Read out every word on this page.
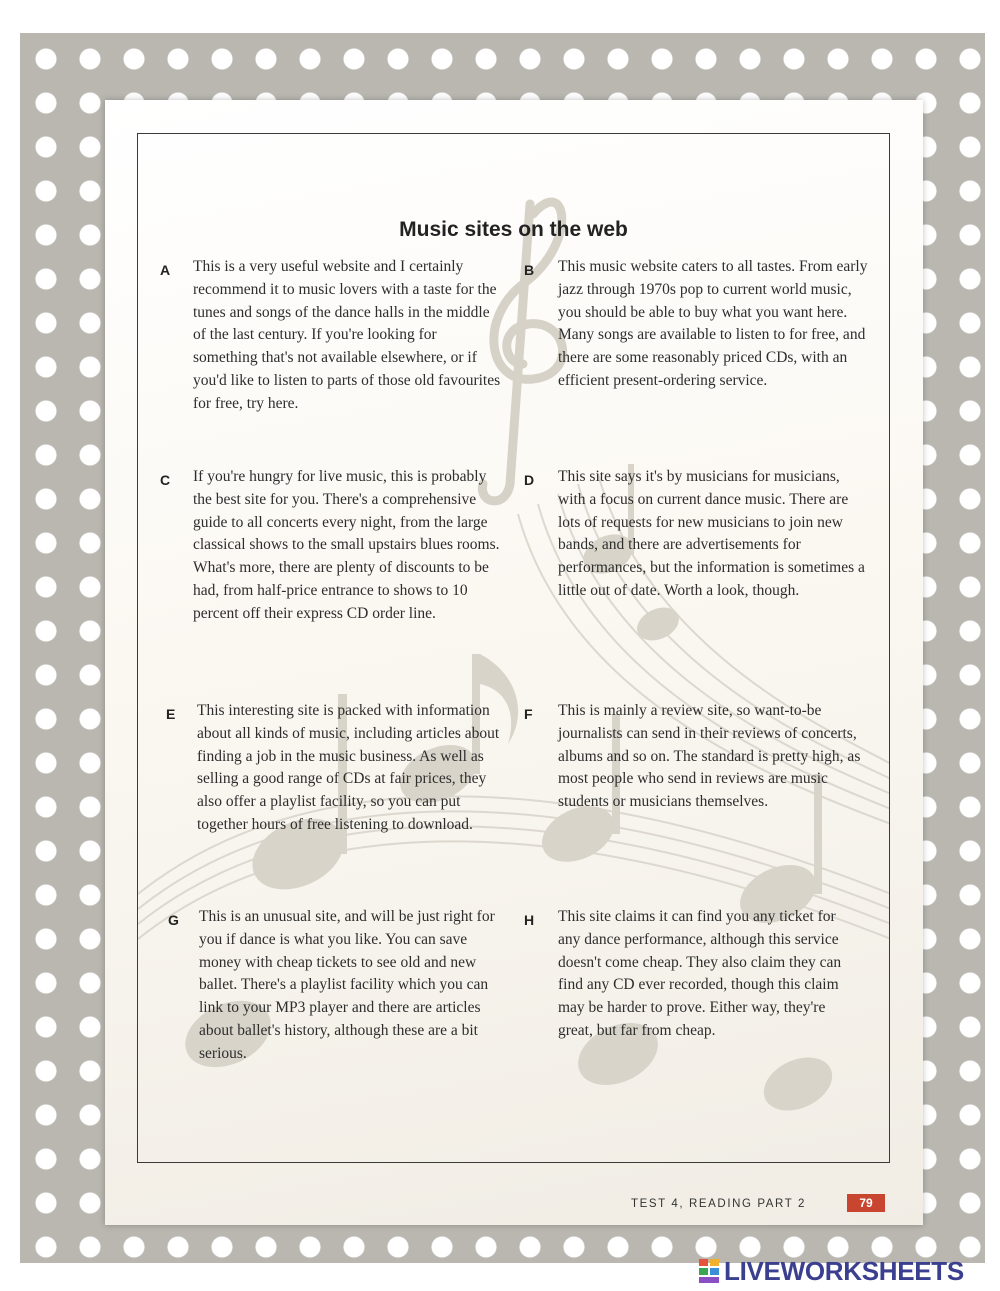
Music sites on the web
A This is a very useful website and I certainly recommend it to music lovers with a taste for the tunes and songs of the dance halls in the middle of the last century. If you're looking for something that's not available elsewhere, or if you'd like to listen to parts of those old favourites for free, try here.
B This music website caters to all tastes. From early jazz through 1970s pop to current world music, you should be able to buy what you want here. Many songs are available to listen to for free, and there are some reasonably priced CDs, with an efficient present-ordering service.
C If you're hungry for live music, this is probably the best site for you. There's a comprehensive guide to all concerts every night, from the large classical shows to the small upstairs blues rooms. What's more, there are plenty of discounts to be had, from half-price entrance to shows to 10 percent off their express CD order line.
D This site says it's by musicians for musicians, with a focus on current dance music. There are lots of requests for new musicians to join new bands, and there are advertisements for performances, but the information is sometimes a little out of date. Worth a look, though.
E This interesting site is packed with information about all kinds of music, including articles about finding a job in the music business. As well as selling a good range of CDs at fair prices, they also offer a playlist facility, so you can put together hours of free listening to download.
F This is mainly a review site, so want-to-be journalists can send in their reviews of concerts, albums and so on. The standard is pretty high, as most people who send in reviews are music students or musicians themselves.
G This is an unusual site, and will be just right for you if dance is what you like. You can save money with cheap tickets to see old and new ballet. There's a playlist facility which you can link to your MP3 player and there are articles about ballet's history, although these are a bit serious.
H This site claims it can find you any ticket for any dance performance, although this service doesn't come cheap. They also claim they can find any CD ever recorded, though this claim may be harder to prove. Either way, they're great, but far from cheap.
TEST 4, READING PART 2	79
LIVEWORKSHEETS
